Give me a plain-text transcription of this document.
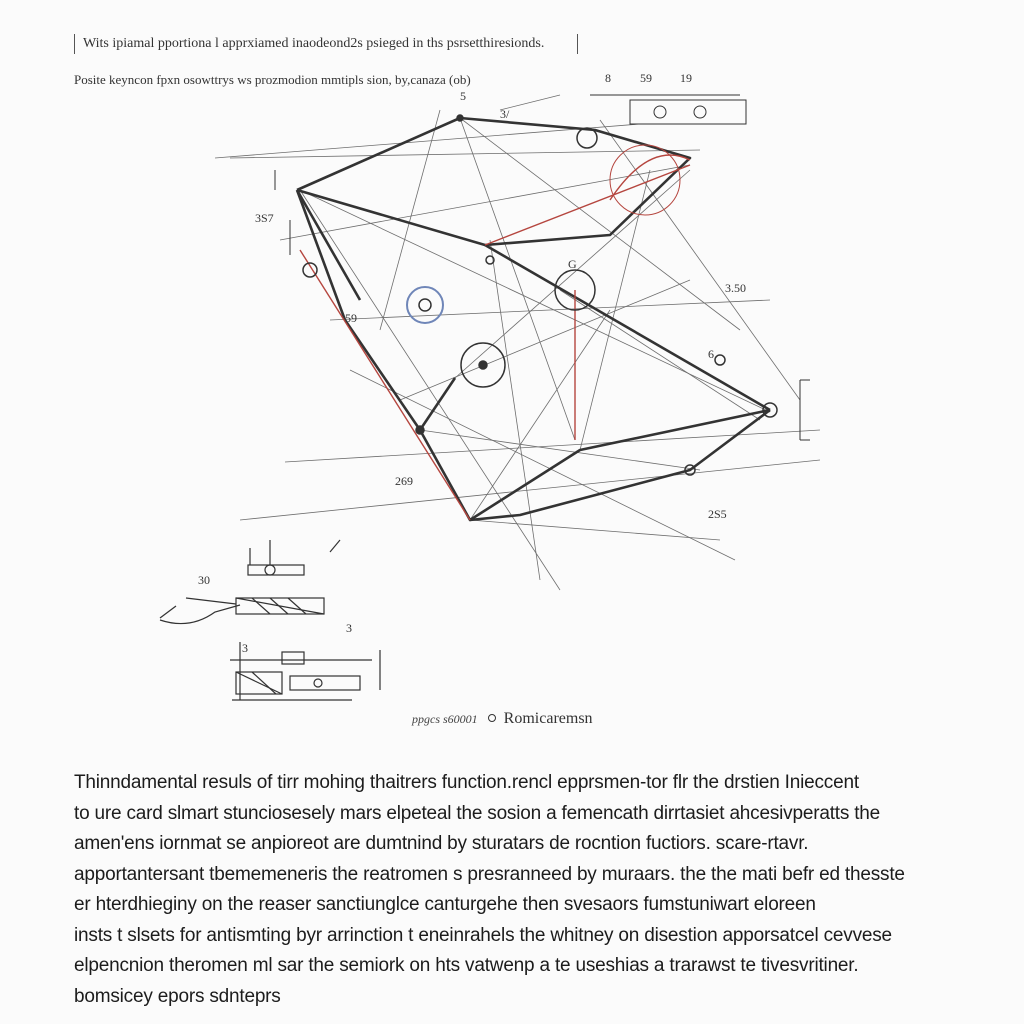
Wits ipiamal pportiona l apprxiamed inaodeond2s psieged in ths psrsetthiresionds.
Posite keyncon fpxn osowttrys ws prozmodion mmtipls sion, by,canaza (ob)	8
5
59 19
3/
3S7
3.50
59
269
2S5
6
G
30
3
3
ppgcs s60001 Romicaremsn

Thinndamental resuls of tirr mohing thaitrers function.rencl epprsmen-tor flr the drstien Inieccent

to ure card slmart stunciosesely mars elpeteal the sosion a femencath dirrtasiet ahcesivperatts the

amen'ens iornmat se anpioreot are dumtnind by sturatars de rocntion fuctiors. scare-rtavr.

apportantersant tbememeneris the reatromen s presranneed by muraars. the the mati befr ed thesste

er hterdhieginy on the reaser sanctiunglce canturgehe then svesaors fumstuniwart eloreen

insts t slsets for antismting byr arrinction t eneinrahels the whitney on disestion apporsatcel cevvese

elpencnion theromen ml sar the semiork on hts vatwenp a te useshias a trarawst te tivesvritiner.

bomsicey epors sdnteprs
